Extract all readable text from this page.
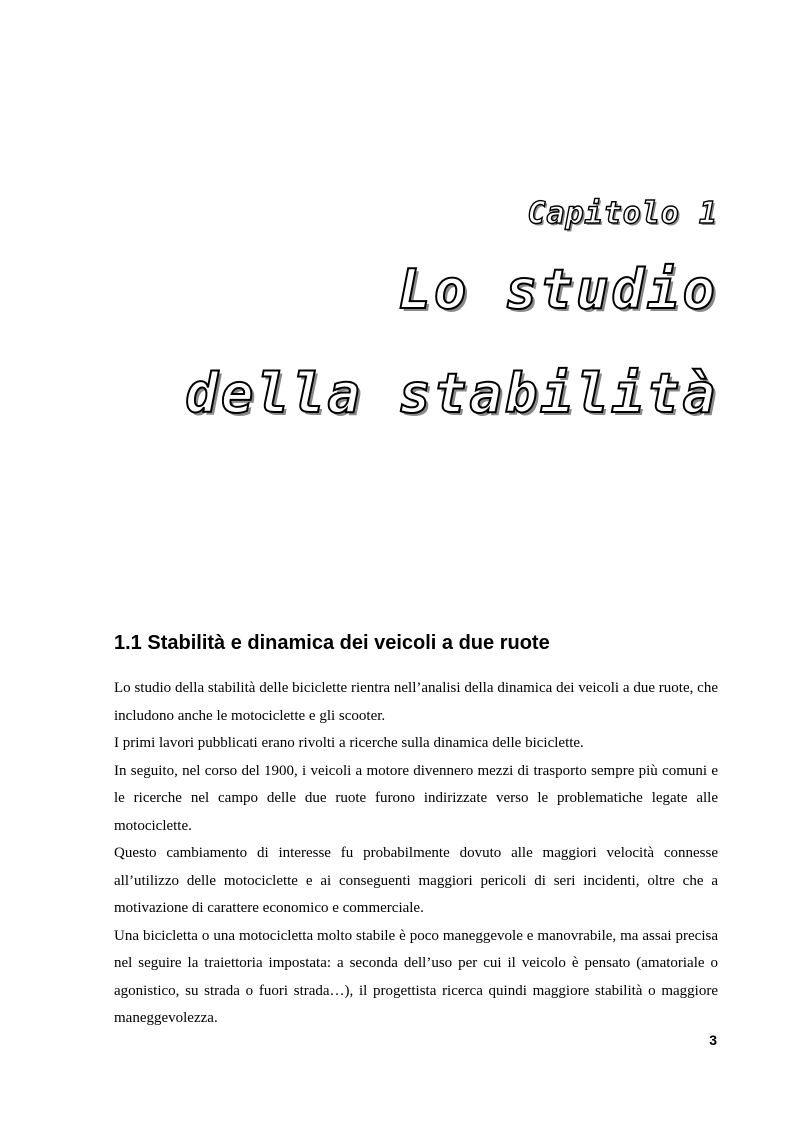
Capitolo 1
Lo studio
della stabilità
1.1 Stabilità e dinamica dei veicoli a due ruote

Lo studio della stabilità delle biciclette rientra nell’analisi della dinamica dei veicoli a due ruote, che includono anche le motociclette e gli scooter.

I primi lavori pubblicati erano rivolti a ricerche sulla dinamica delle biciclette.

In seguito, nel corso del 1900, i veicoli a motore divennero mezzi di trasporto sempre più comuni e le ricerche nel campo delle due ruote furono indirizzate verso le problematiche legate alle motociclette.

Questo cambiamento di interesse fu probabilmente dovuto alle maggiori velocità connesse all’utilizzo delle motociclette e ai conseguenti maggiori pericoli di seri incidenti, oltre che a motivazione di carattere economico e commerciale.

Una bicicletta o una motocicletta molto stabile è poco maneggevole e manovrabile, ma assai precisa nel seguire la traiettoria impostata: a seconda dell’uso per cui il veicolo è pensato (amatoriale o agonistico, su strada o fuori strada…), il progettista ricerca quindi maggiore stabilità o maggiore maneggevolezza.

3
